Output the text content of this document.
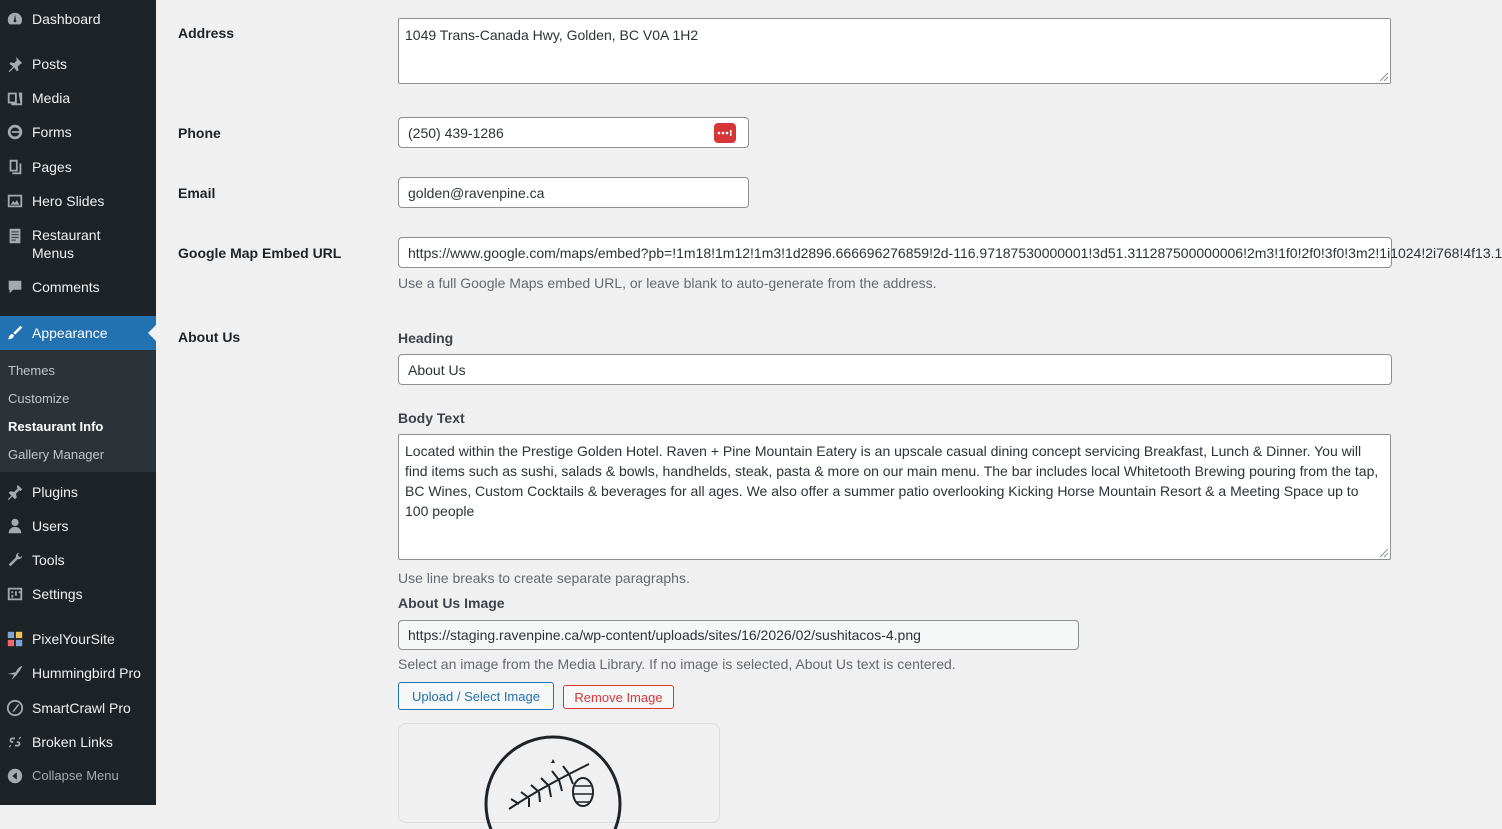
Dashboard
Posts
Media
Forms
Pages
Hero Slides
Restaurant Menus
Comments
Appearance
Themes
Customize
Restaurant Info
Gallery Manager
Plugins
Users
Tools
Settings
PixelYourSite
Hummingbird Pro
SmartCrawl Pro
Broken Links
Collapse Menu
Address	1049 Trans-Canada Hwy, Golden, BC V0A 1H2
Phone	(250) 439-1286
Email	golden@ravenpine.ca
Google Map Embed URL	https://www.google.com/maps/embed?pb=!1m18!1m12!1m3!1d2896.666696276859!2d-116.97187530000001!3d51.311287500000006!2m3!1f0!2f0!3f0!3m2!1i1024!2i768!4f13.1
Use a full Google Maps embed URL, or leave blank to auto-generate from the address.
About Us	Heading
About Us
Body Text
Located within the Prestige Golden Hotel. Raven + Pine Mountain Eatery is an upscale casual dining concept servicing Breakfast, Lunch & Dinner. You will find items such as sushi, salads & bowls, handhelds, steak, pasta & more on our main menu. The bar includes local Whitetooth Brewing pouring from the tap, BC Wines, Custom Cocktails & beverages for all ages. We also offer a summer patio overlooking Kicking Horse Mountain Resort & a Meeting Space up to 100 people
Use line breaks to create separate paragraphs.
About Us Image
https://staging.ravenpine.ca/wp-content/uploads/sites/16/2026/02/sushitacos-4.png
Select an image from the Media Library. If no image is selected, About Us text is centered.
Upload / Select Image	Remove Image
